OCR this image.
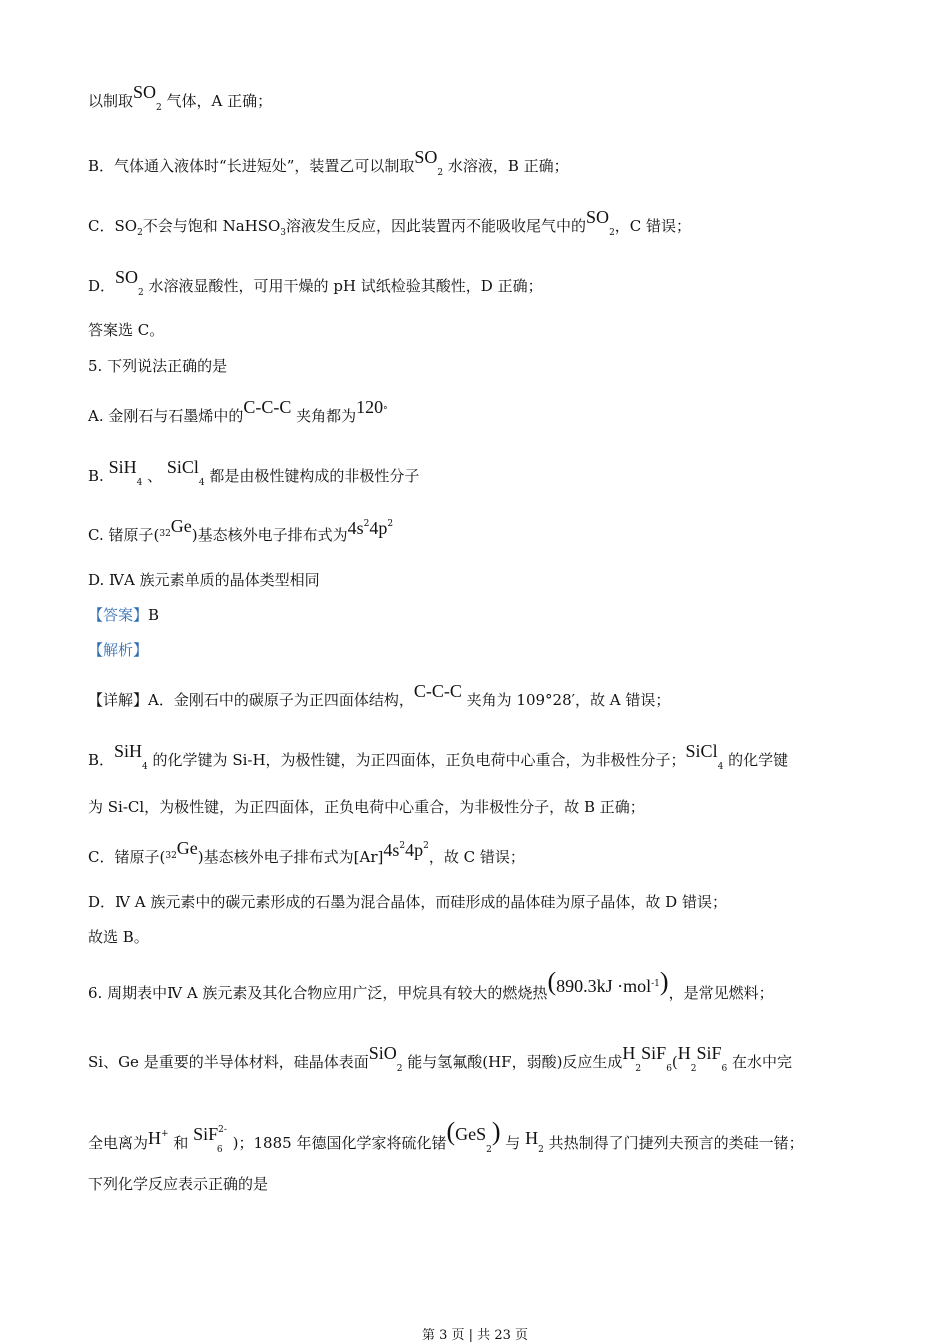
以制取$SO_2$ 气体，A 正确；
B．气体通入液体时“长进短处”，装置乙可以制取$SO_2$ 水溶液，B 正确；
C．$SO_2$不会与饱和 NaHSO$_3$溶液发生反应，因此装置丙不能吸收尾气中的$SO_2$，C 错误；
D．$SO_2$ 水溶液显酸性，可用干燥的 pH 试纸检验其酸性，D 正确；
答案选 C。
5. 下列说法正确的是
A. 金刚石与石墨烯中的C-C-C 夹角都为120°
B. SiH$_4$ 、 SiCl$_4$ 都是由极性键构成的非极性分子
C. 锗原子($^{32}$Ge)基态核外电子排布式为$4s^24p^2$
D. ⅣA 族元素单质的晶体类型相同
【答案】B
【解析】
【详解】A．金刚石中的碳原子为正四面体结构，C-C-C 夹角为 109°28′，故 A 错误；
B．SiH$_4$ 的化学键为 Si-H，为极性键，为正四面体，正负电荷中心重合，为非极性分子；SiCl$_4$ 的化学键
为 Si-Cl，为极性键，为正四面体，正负电荷中心重合，为非极性分子，故 B 正确；
C．锗原子($^{32}$Ge)基态核外电子排布式为$[Ar]4s^24p^2$，故 C 错误；
D．Ⅳ A 族元素中的碳元素形成的石墨为混合晶体，而硅形成的晶体硅为原子晶体，故 D 错误；
故选 B。
6. 周期表中Ⅳ A 族元素及其化合物应用广泛，甲烷具有较大的燃烧热(890.3kJ ·mol$^{-1}$)，是常见燃料；
Si、Ge 是重要的半导体材料，硅晶体表面SiO$_2$ 能与氢氟酸(HF，弱酸)反应生成$H_2SiF_6(H_2SiF_6$ 在水中完
全电离为H+ 和 SiF$^{2-}_6$ )；1885 年德国化学家将硫化锗(GeS$_2$) 与 $H_2$ 共热制得了门捷列夫预言的类硅一锗；
下列化学反应表示正确的是
第 3 页 | 共 23 页
